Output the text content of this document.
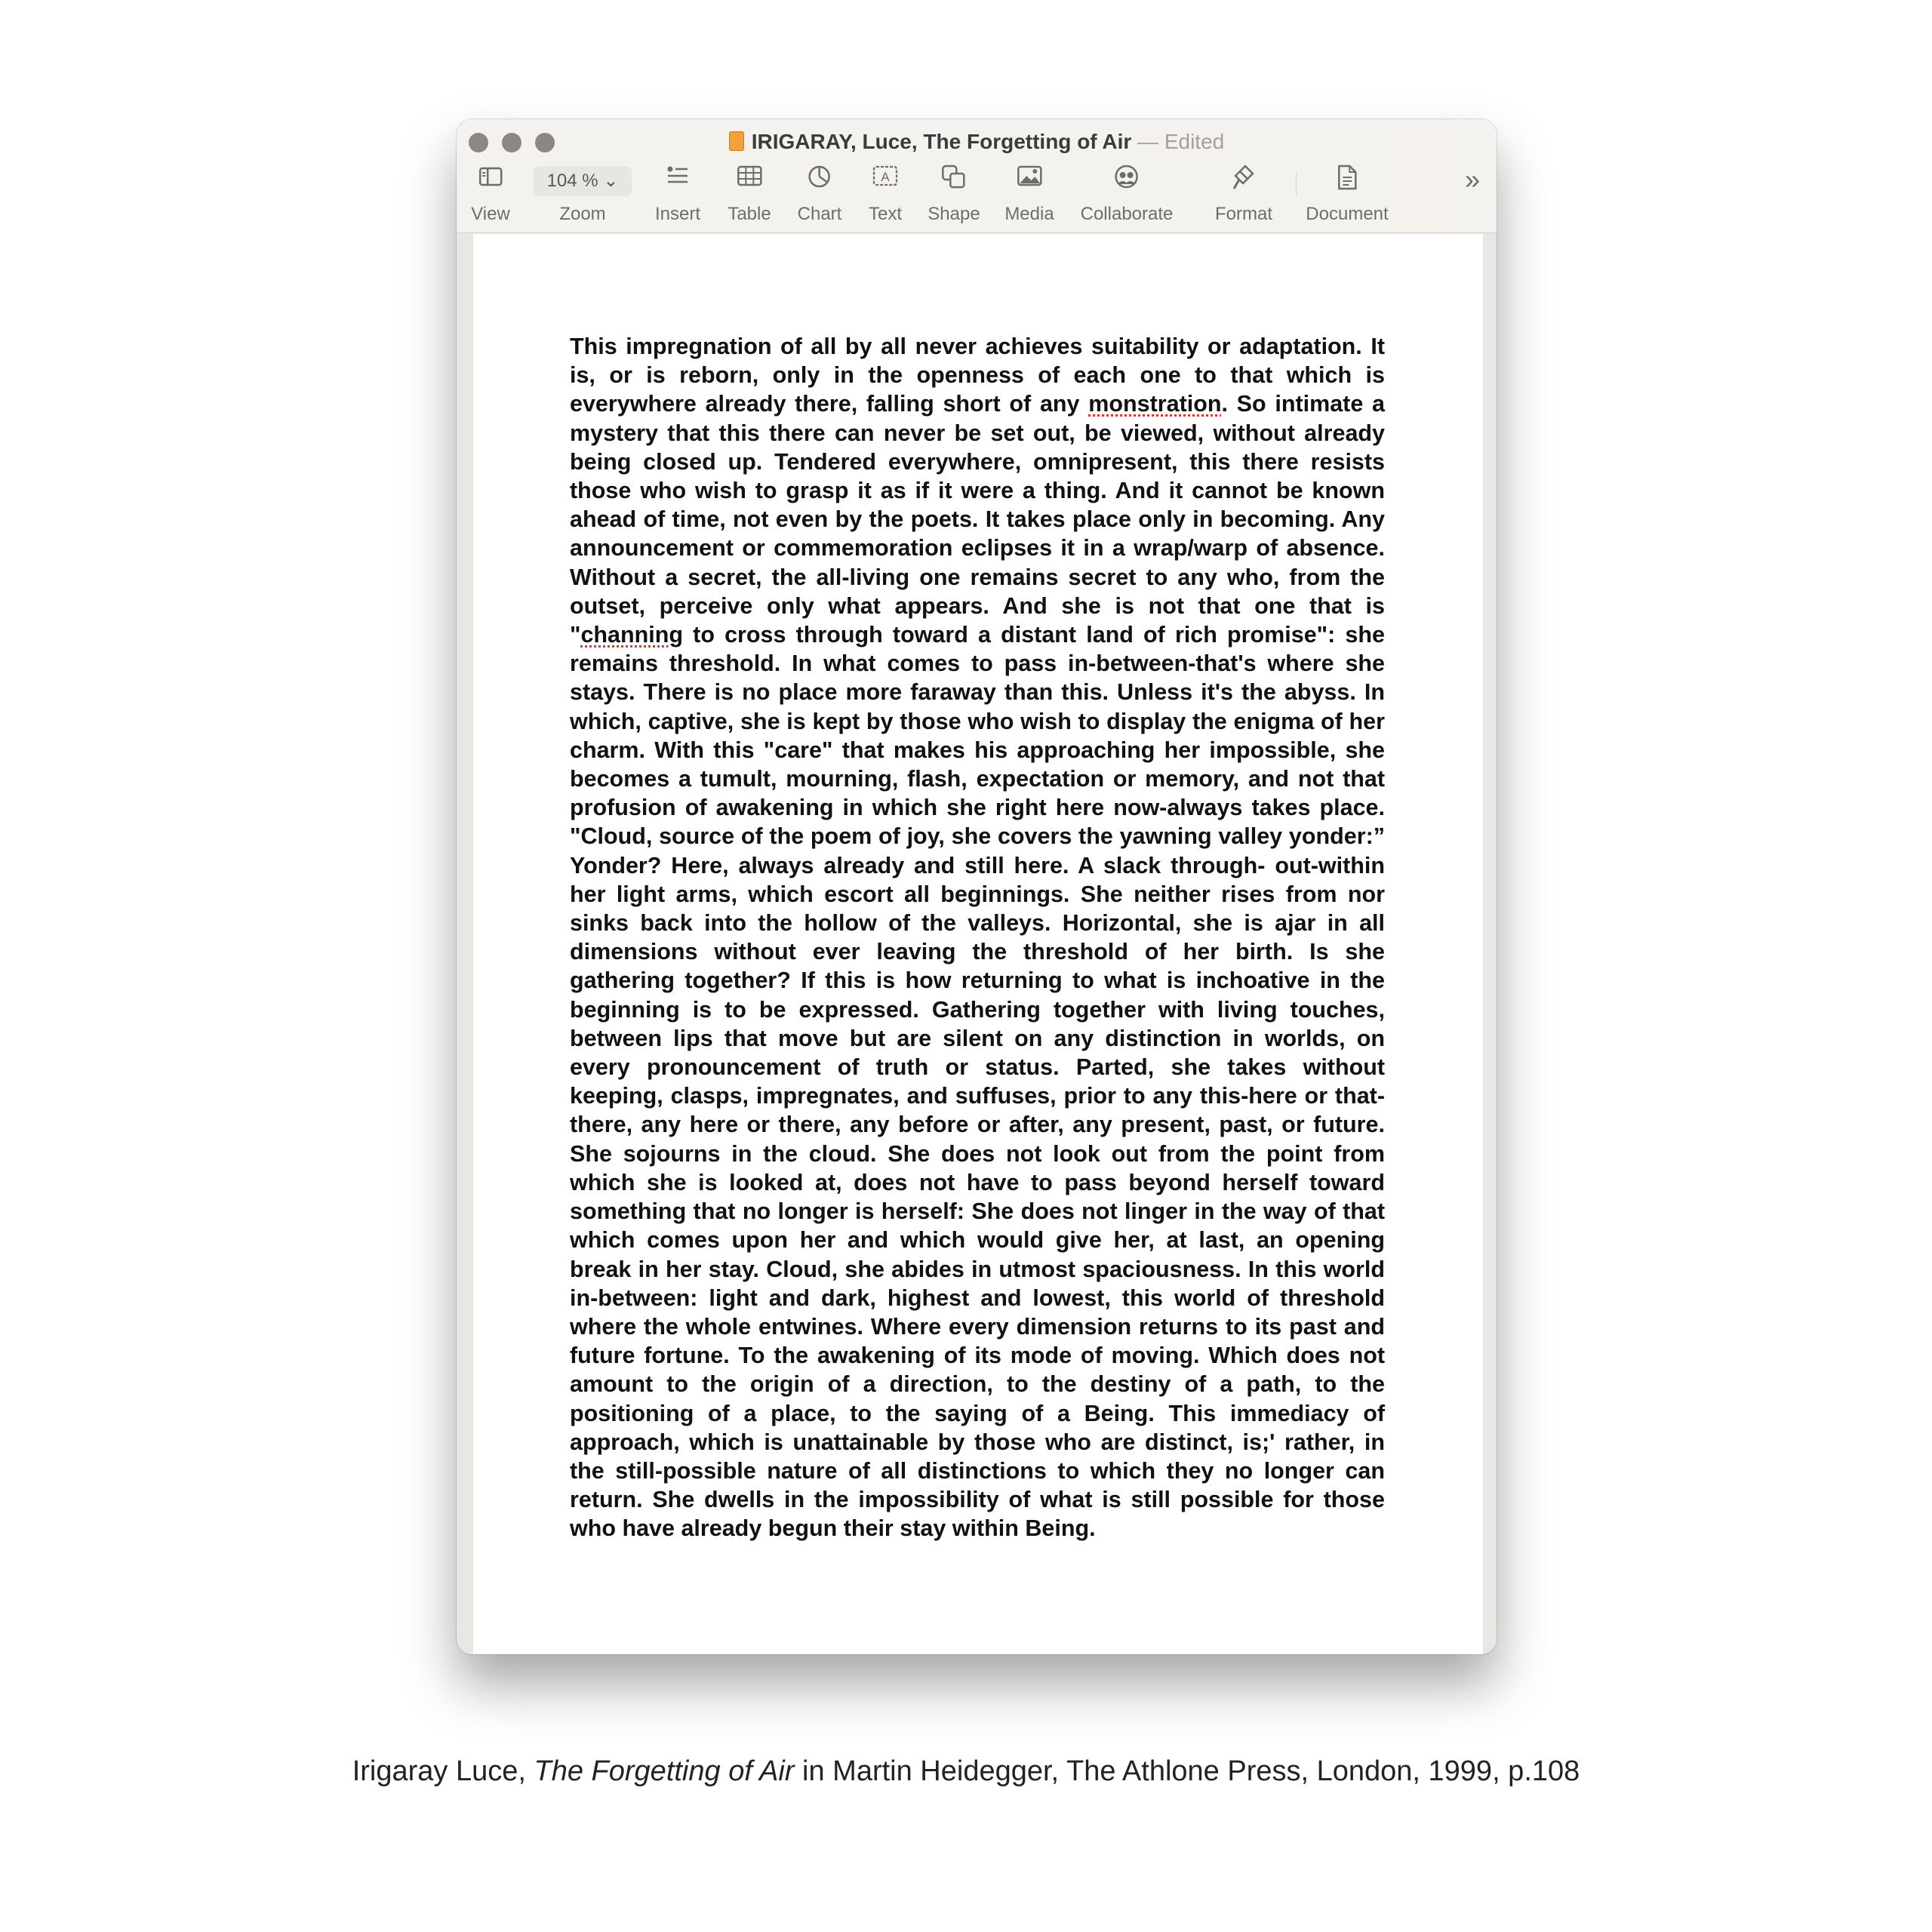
IRIGARAY, Luce, The Forgetting of Air — Edited
View
104 % ⌄
Zoom	Insert Table Chart
A
Text Shape Media Collaborate Format Document
»

This impregnation of all by all never achieves suitability or adaptation. It is, or is reborn, only in the openness of each one to that which is everywhere already there, falling short of any monstration. So intimate a mystery that this there can never be set out, be viewed, without already being closed up. Tendered everywhere, omnipresent, this there resists those who wish to grasp it as if it were a thing. And it cannot be known ahead of time, not even by the poets. It takes place only in becoming. Any announcement or commemoration eclipses it in a wrap/warp of absence. Without a secret, the all-living one remains secret to any who, from the outset, perceive only what appears. And she is not that one that is "channing to cross through toward a distant land of rich promise": she remains threshold. In what comes to pass in-between-that's where she stays. There is no place more faraway than this. Unless it's the abyss. In which, captive, she is kept by those who wish to display the enigma of her charm. With this "care" that makes his approaching her impossible, she becomes a tumult, mourning, flash, expectation or memory, and not that profusion of awakening in which she right here now-always takes place. "Cloud, source of the poem of joy, she covers the yawning valley yonder:” Yonder? Here, always already and still here. A slack through- out-within her light arms, which escort all beginnings. She neither rises from nor sinks back into the hollow of the valleys. Horizontal, she is ajar in all dimensions without ever leaving the threshold of her birth. Is she gathering together? If this is how returning to what is inchoative in the beginning is to be expressed. Gathering together with living touches, between lips that move but are silent on any distinction in worlds, on every pronouncement of truth or status. Parted, she takes without keeping, clasps, impregnates, and suffuses, prior to any this-here or that-there, any here or there, any before or after, any present, past, or future. She sojourns in the cloud. She does not look out from the point from which she is looked at, does not have to pass beyond herself toward something that no longer is herself: She does not linger in the way of that which comes upon her and which would give her, at last, an opening break in her stay. Cloud, she abides in utmost spaciousness. In this world in-between: light and dark, highest and lowest, this world of threshold where the whole entwines. Where every dimension returns to its past and future fortune. To the awakening of its mode of moving. Which does not amount to the origin of a direction, to the destiny of a path, to the positioning of a place, to the saying of a Being. This immediacy of approach, which is unattainable by those who are distinct, is;' rather, in the still-possible nature of all distinctions to which they no longer can return. She dwells in the impossibility of what is still possible for those who have already begun their stay within Being.

Irigaray Luce, The Forgetting of Air in Martin Heidegger, The Athlone Press, London, 1999, p.108
